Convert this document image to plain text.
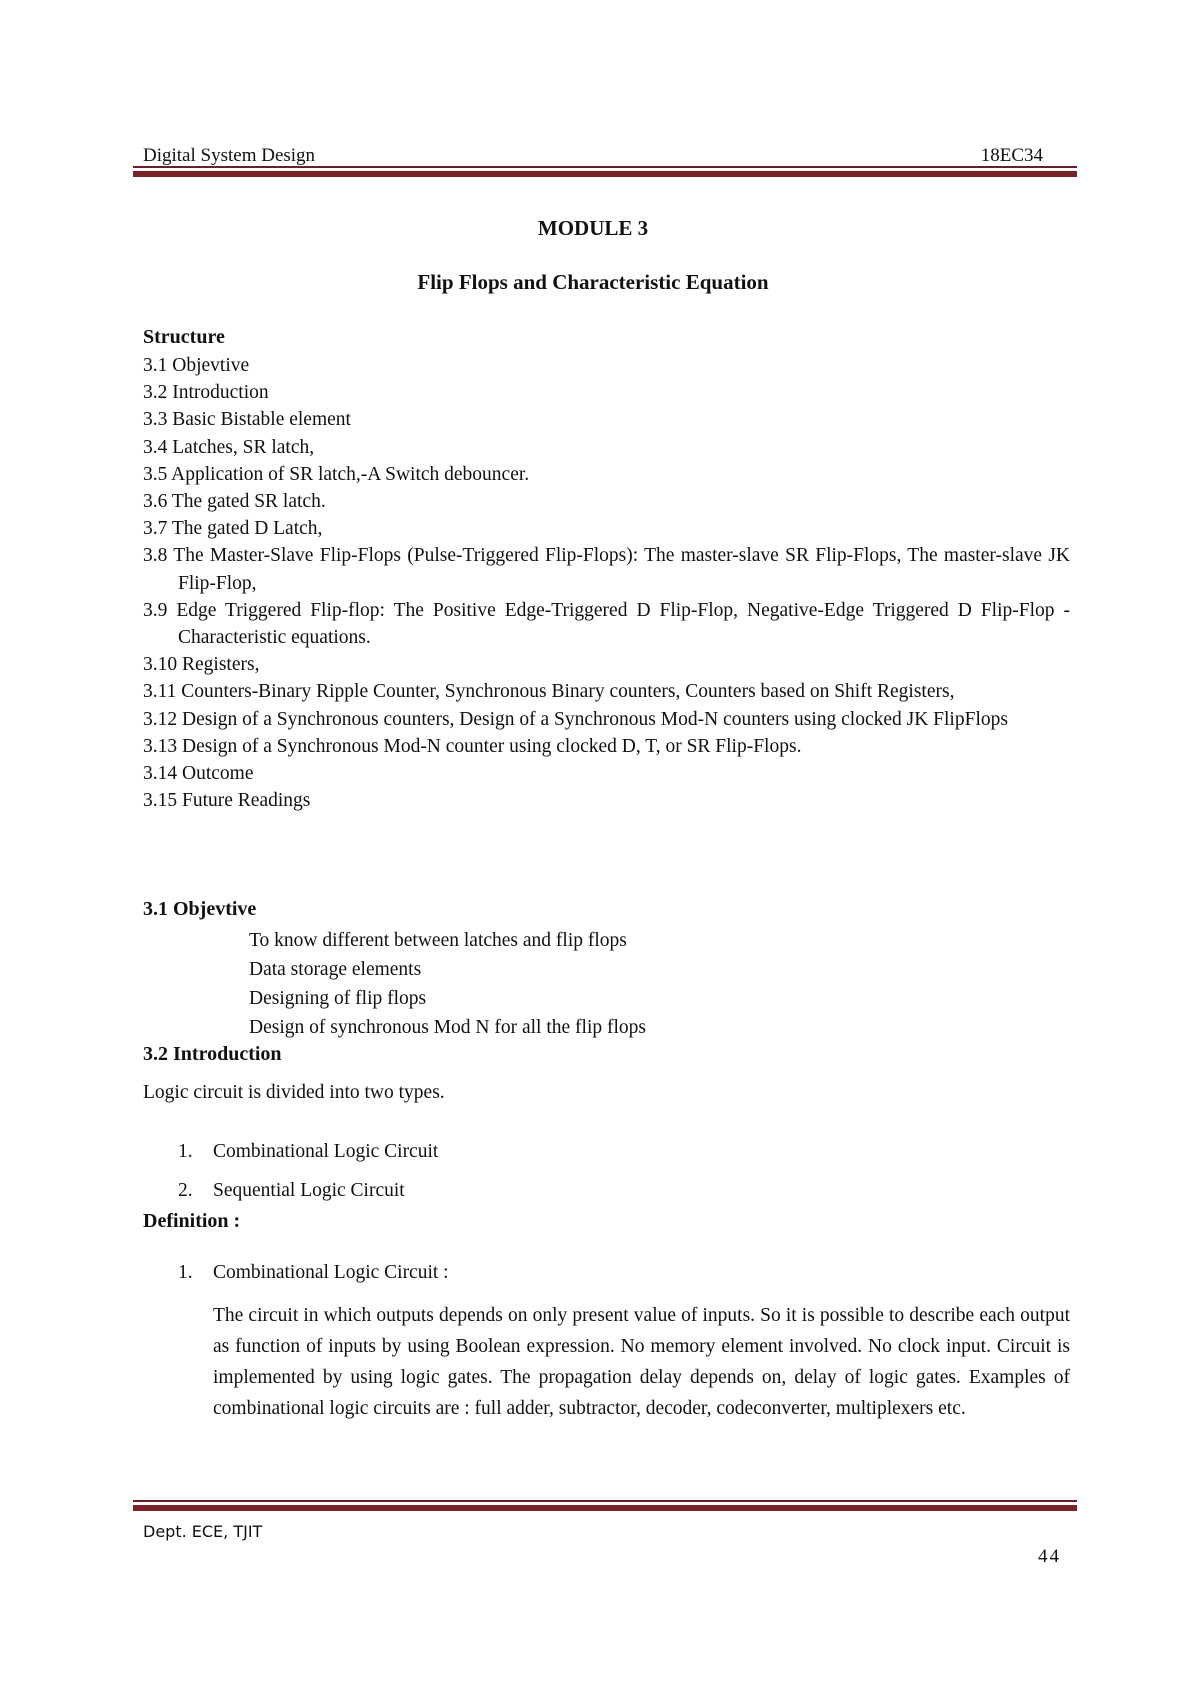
Digital System Design	18EC34
MODULE 3
Flip Flops and Characteristic Equation
Structure
3.1 Objevtive
3.2 Introduction
3.3 Basic Bistable element
3.4 Latches, SR latch,
3.5 Application of SR latch,-A Switch debouncer.
3.6 The gated SR latch.
3.7 The gated D Latch,
3.8 The Master-Slave Flip-Flops (Pulse-Triggered Flip-Flops): The master-slave SR Flip-Flops, The master-slave JK Flip-Flop,
3.9 Edge Triggered Flip-flop: The Positive Edge-Triggered D Flip-Flop, Negative-Edge Triggered D Flip-Flop - Characteristic equations.
3.10 Registers,
3.11 Counters-Binary Ripple Counter, Synchronous Binary counters, Counters based on Shift Registers,
3.12 Design of a Synchronous counters, Design of a Synchronous Mod-N counters using clocked JK FlipFlops
3.13 Design of a Synchronous Mod-N counter using clocked D, T, or SR Flip-Flops.
3.14 Outcome
3.15 Future Readings
3.1 Objevtive
To know different between latches and flip flops
Data storage elements
Designing of flip flops
Design of synchronous Mod N for all the flip flops
3.2 Introduction
Logic circuit is divided into two types.
1. Combinational Logic Circuit
2. Sequential Logic Circuit
Definition :
1. Combinational Logic Circuit :

The circuit in which outputs depends on only present value of inputs. So it is possible to describe each output as function of inputs by using Boolean expression. No memory element involved. No clock input. Circuit is implemented by using logic gates. The propagation delay depends on, delay of logic gates. Examples of combinational logic circuits are : full adder, subtractor, decoder, codeconverter, multiplexers etc.

Dept. ECE, TJIT
44
